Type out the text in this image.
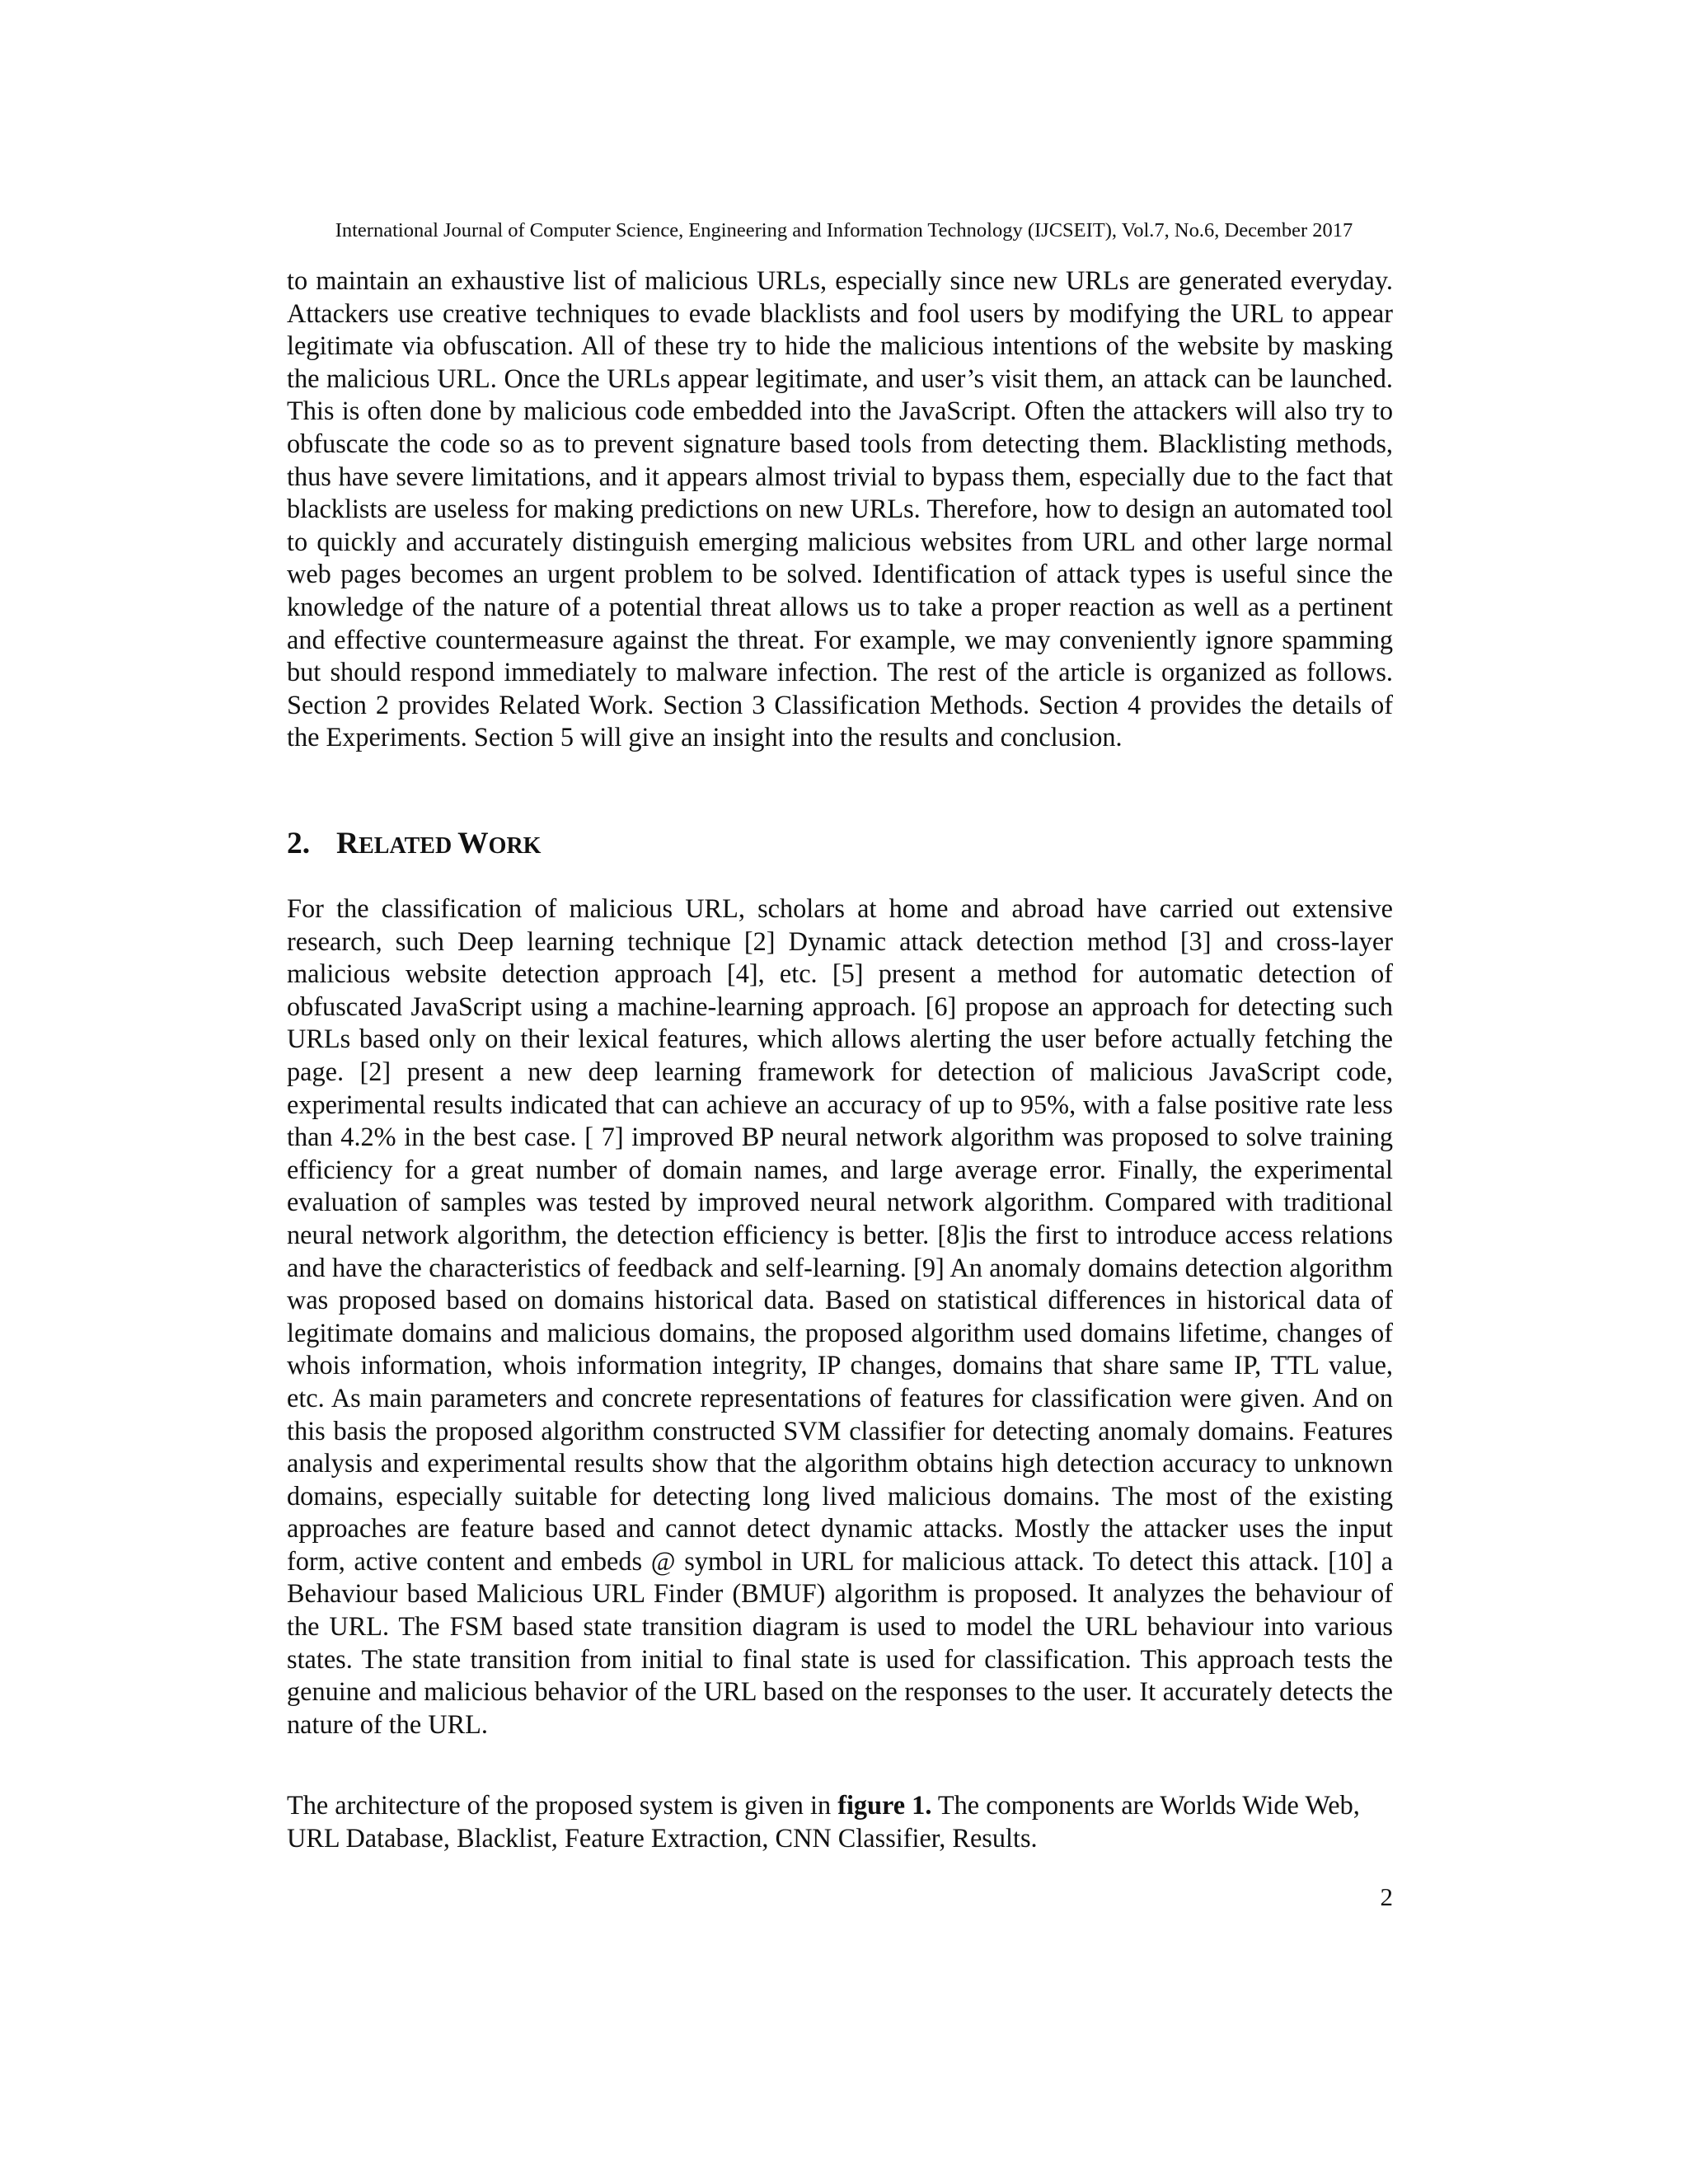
International Journal of Computer Science, Engineering and Information Technology (IJCSEIT), Vol.7, No.6, December 2017

to maintain an exhaustive list of malicious URLs, especially since new URLs are generated everyday. Attackers use creative techniques to evade blacklists and fool users by modifying the URL to appear legitimate via obfuscation. All of these try to hide the malicious intentions of the website by masking the malicious URL. Once the URLs appear legitimate, and user’s visit them, an attack can be launched. This is often done by malicious code embedded into the JavaScript. Often the attackers will also try to obfuscate the code so as to prevent signature based tools from detecting them. Blacklisting methods, thus have severe limitations, and it appears almost trivial to bypass them, especially due to the fact that blacklists are useless for making predictions on new URLs. Therefore, how to design an automated tool to quickly and accurately distinguish emerging malicious websites from URL and other large normal web pages becomes an urgent problem to be solved. Identification of attack types is useful since the knowledge of the nature of a potential threat allows us to take a proper reaction as well as a pertinent and effective countermeasure against the threat. For example, we may conveniently ignore spamming but should respond immediately to malware infection. The rest of the article is organized as follows. Section 2 provides Related Work. Section 3 Classification Methods. Section 4 provides the details of the Experiments. Section 5 will give an insight into the results and conclusion.

2. RELATED WORK

For the classification of malicious URL, scholars at home and abroad have carried out extensive research, such Deep learning technique [2] Dynamic attack detection method [3] and cross-layer malicious website detection approach [4], etc. [5] present a method for automatic detection of obfuscated JavaScript using a machine-learning approach. [6] propose an approach for detecting such URLs based only on their lexical features, which allows alerting the user before actually fetching the page. [2] present a new deep learning framework for detection of malicious JavaScript code, experimental results indicated that can achieve an accuracy of up to 95%, with a false positive rate less than 4.2% in the best case. [ 7] improved BP neural network algorithm was proposed to solve training efficiency for a great number of domain names, and large average error. Finally, the experimental evaluation of samples was tested by improved neural network algorithm. Compared with traditional neural network algorithm, the detection efficiency is better. [8]is the first to introduce access relations and have the characteristics of feedback and self-learning. [9] An anomaly domains detection algorithm was proposed based on domains historical data. Based on statistical differences in historical data of legitimate domains and malicious domains, the proposed algorithm used domains lifetime, changes of whois information, whois information integrity, IP changes, domains that share same IP, TTL value, etc. As main parameters and concrete representations of features for classification were given. And on this basis the proposed algorithm constructed SVM classifier for detecting anomaly domains. Features analysis and experimental results show that the algorithm obtains high detection accuracy to unknown domains, especially suitable for detecting long lived malicious domains. The most of the existing approaches are feature based and cannot detect dynamic attacks. Mostly the attacker uses the input form, active content and embeds @ symbol in URL for malicious attack. To detect this attack. [10] a Behaviour based Malicious URL Finder (BMUF) algorithm is proposed. It analyzes the behaviour of the URL. The FSM based state transition diagram is used to model the URL behaviour into various states. The state transition from initial to final state is used for classification. This approach tests the genuine and malicious behavior of the URL based on the responses to the user. It accurately detects the nature of the URL.

The architecture of the proposed system is given in figure 1. The components are Worlds Wide Web, URL Database, Blacklist, Feature Extraction, CNN Classifier, Results.

2
